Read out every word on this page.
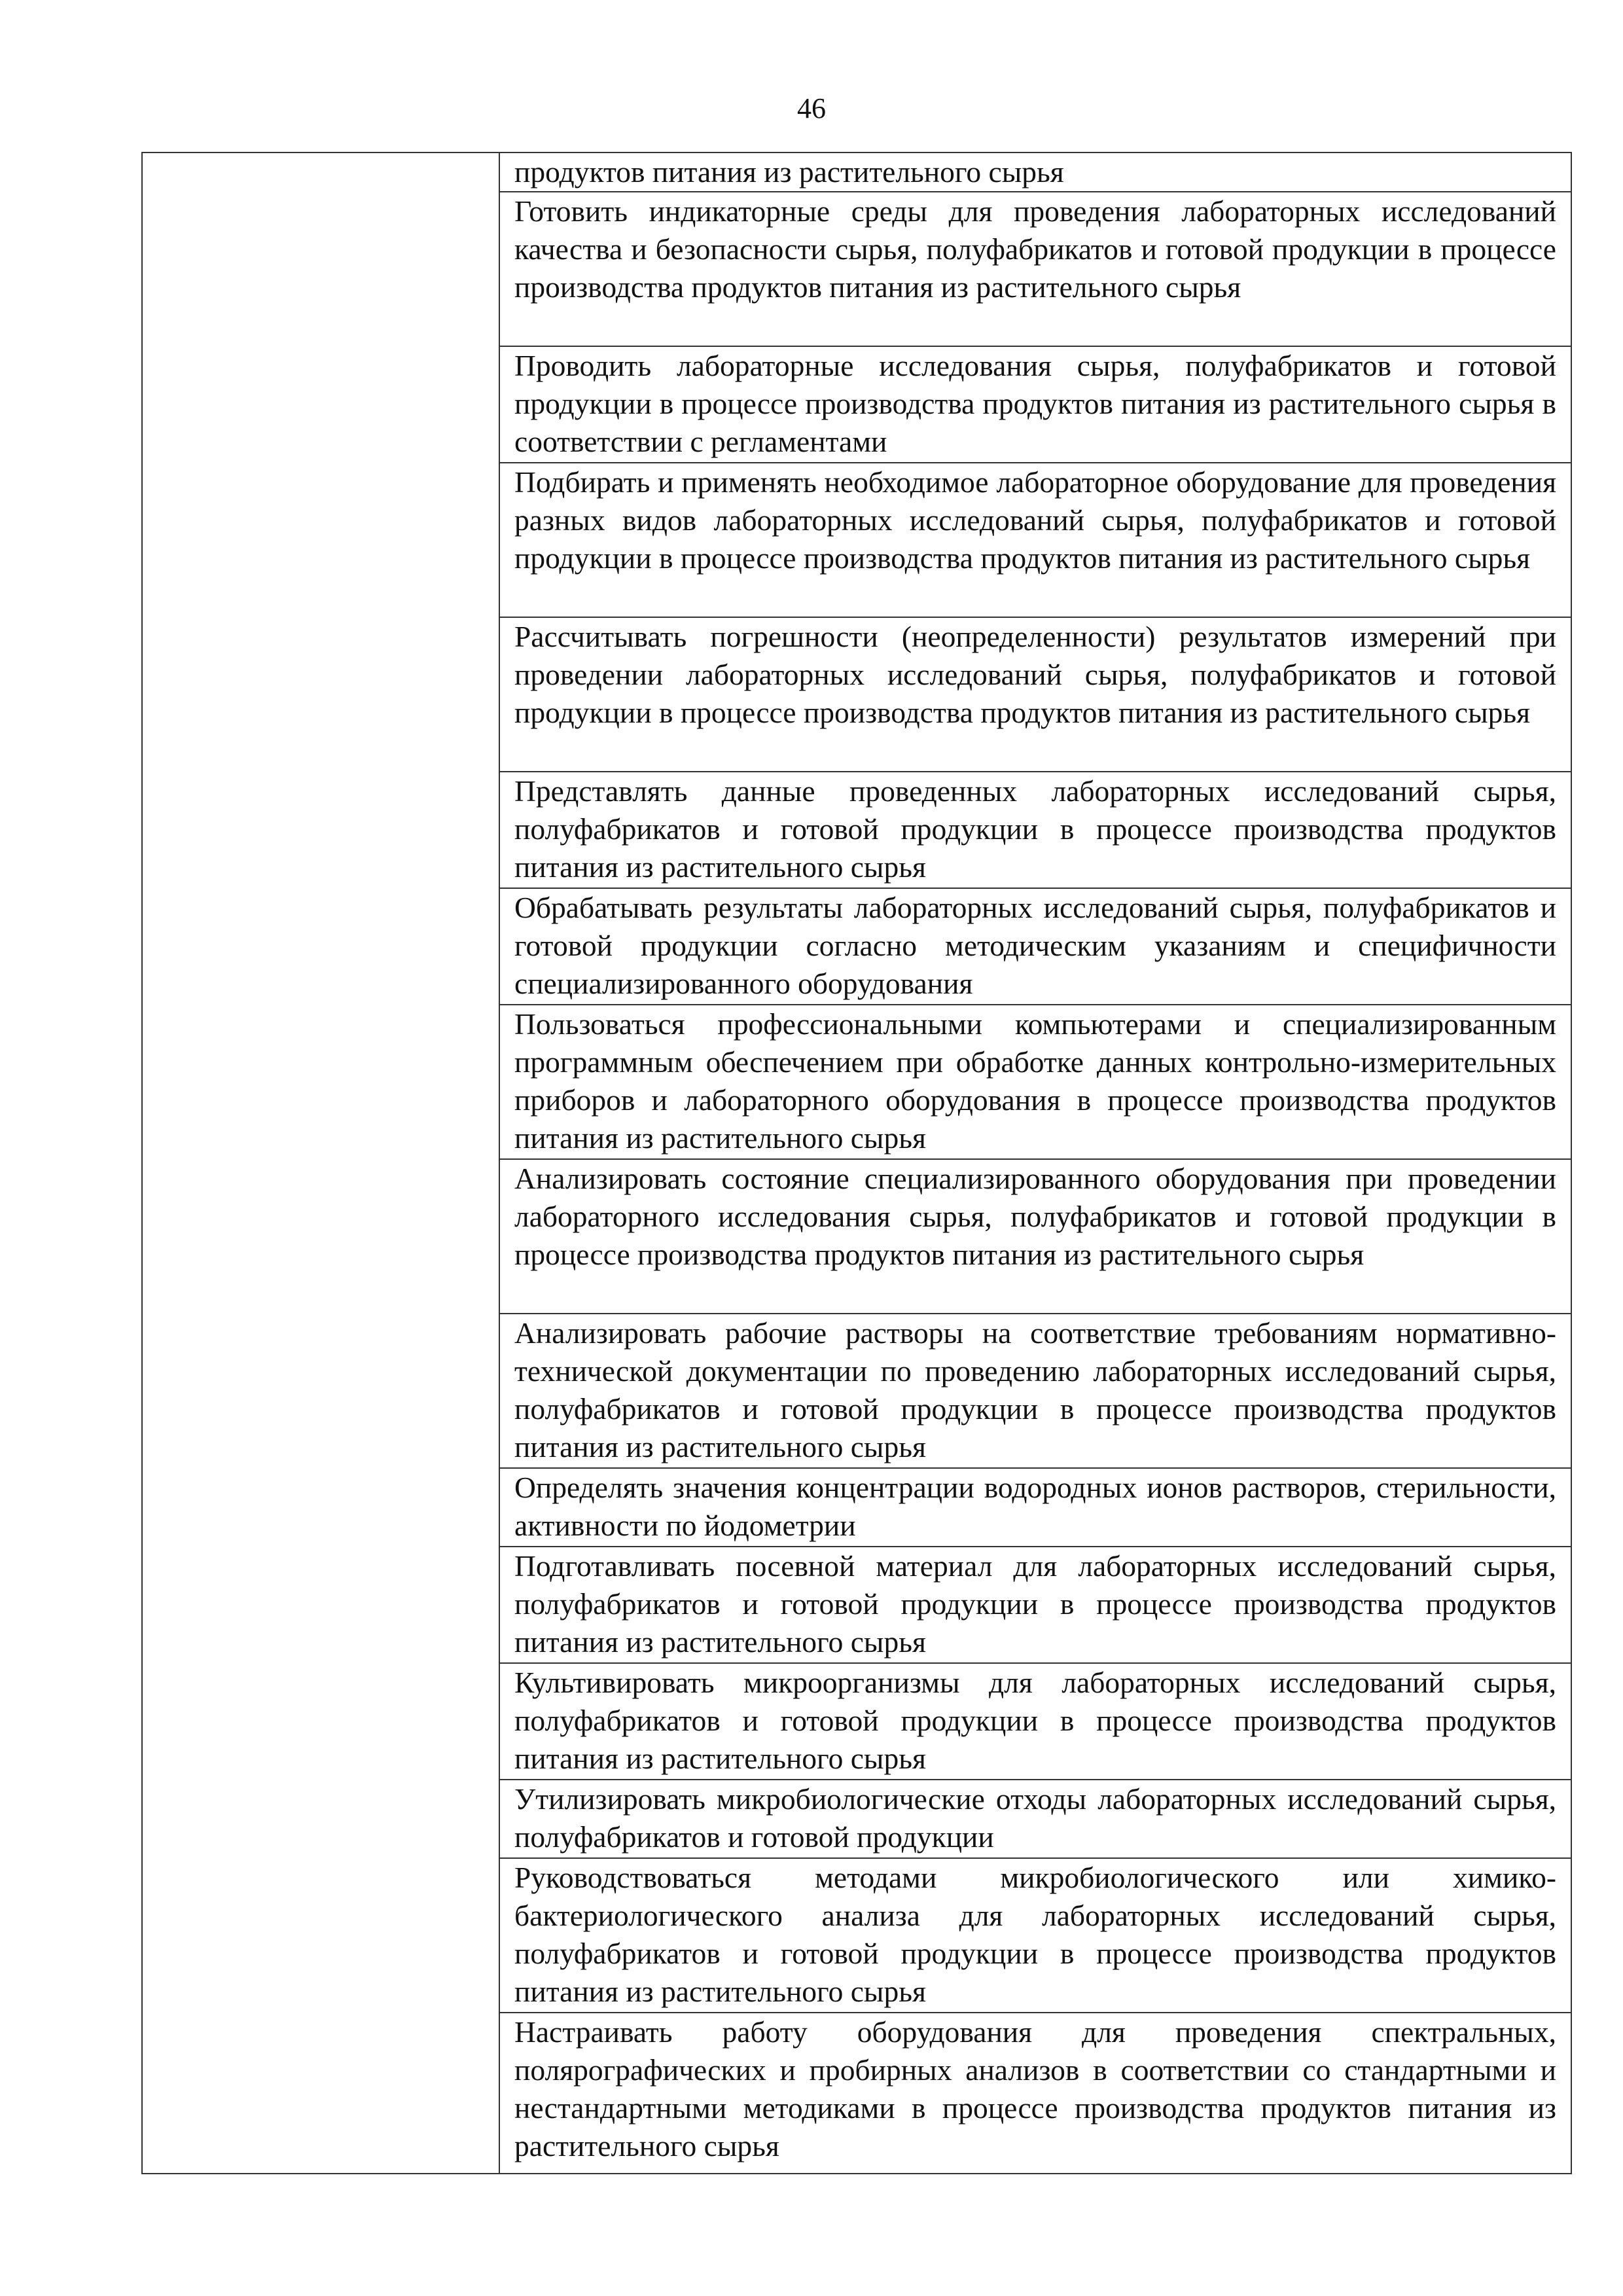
46
продуктов питания из растительного сырья
Готовить индикаторные среды для проведения лабораторных исследований качества и безопасности сырья, полуфабрикатов и готовой продукции в процессе производства продуктов питания из растительного сырья
Проводить лабораторные исследования сырья, полуфабрикатов и готовой продукции в процессе производства продуктов питания из растительного сырья в соответствии с регламентами
Подбирать и применять необходимое лабораторное оборудование для проведения разных видов лабораторных исследований сырья, полуфабрикатов и готовой продукции в процессе производства продуктов питания из растительного сырья
Рассчитывать погрешности (неопределенности) результатов измерений при проведении лабораторных исследований сырья, полуфабрикатов и готовой продукции в процессе производства продуктов питания из растительного сырья
Представлять данные проведенных лабораторных исследований сырья, полуфабрикатов и готовой продукции в процессе производства продуктов питания из растительного сырья
Обрабатывать результаты лабораторных исследований сырья, полуфабрикатов и готовой продукции согласно методическим указаниям и специфичности специализированного оборудования
Пользоваться профессиональными компьютерами и специализированным программным обеспечением при обработке данных контрольно-измерительных приборов и лабораторного оборудования в процессе производства продуктов питания из растительного сырья
Анализировать состояние специализированного оборудования при проведении лабораторного исследования сырья, полуфабрикатов и готовой продукции в процессе производства продуктов питания из растительного сырья
Анализировать рабочие растворы на соответствие требованиям нормативно-технической документации по проведению лабораторных исследований сырья, полуфабрикатов и готовой продукции в процессе производства продуктов питания из растительного сырья
Определять значения концентрации водородных ионов растворов, стерильности, активности по йодометрии
Подготавливать посевной материал для лабораторных исследований сырья, полуфабрикатов и готовой продукции в процессе производства продуктов питания из растительного сырья
Культивировать микроорганизмы для лабораторных исследований сырья, полуфабрикатов и готовой продукции в процессе производства продуктов питания из растительного сырья
Утилизировать микробиологические отходы лабораторных исследований сырья, полуфабрикатов и готовой продукции
Руководствоваться методами микробиологического или химико-бактериологического анализа для лабораторных исследований сырья, полуфабрикатов и готовой продукции в процессе производства продуктов питания из растительного сырья
Настраивать работу оборудования для проведения спектральных, полярографических и пробирных анализов в соответствии со стандартными и нестандартными методиками в процессе производства продуктов питания из растительного сырья
